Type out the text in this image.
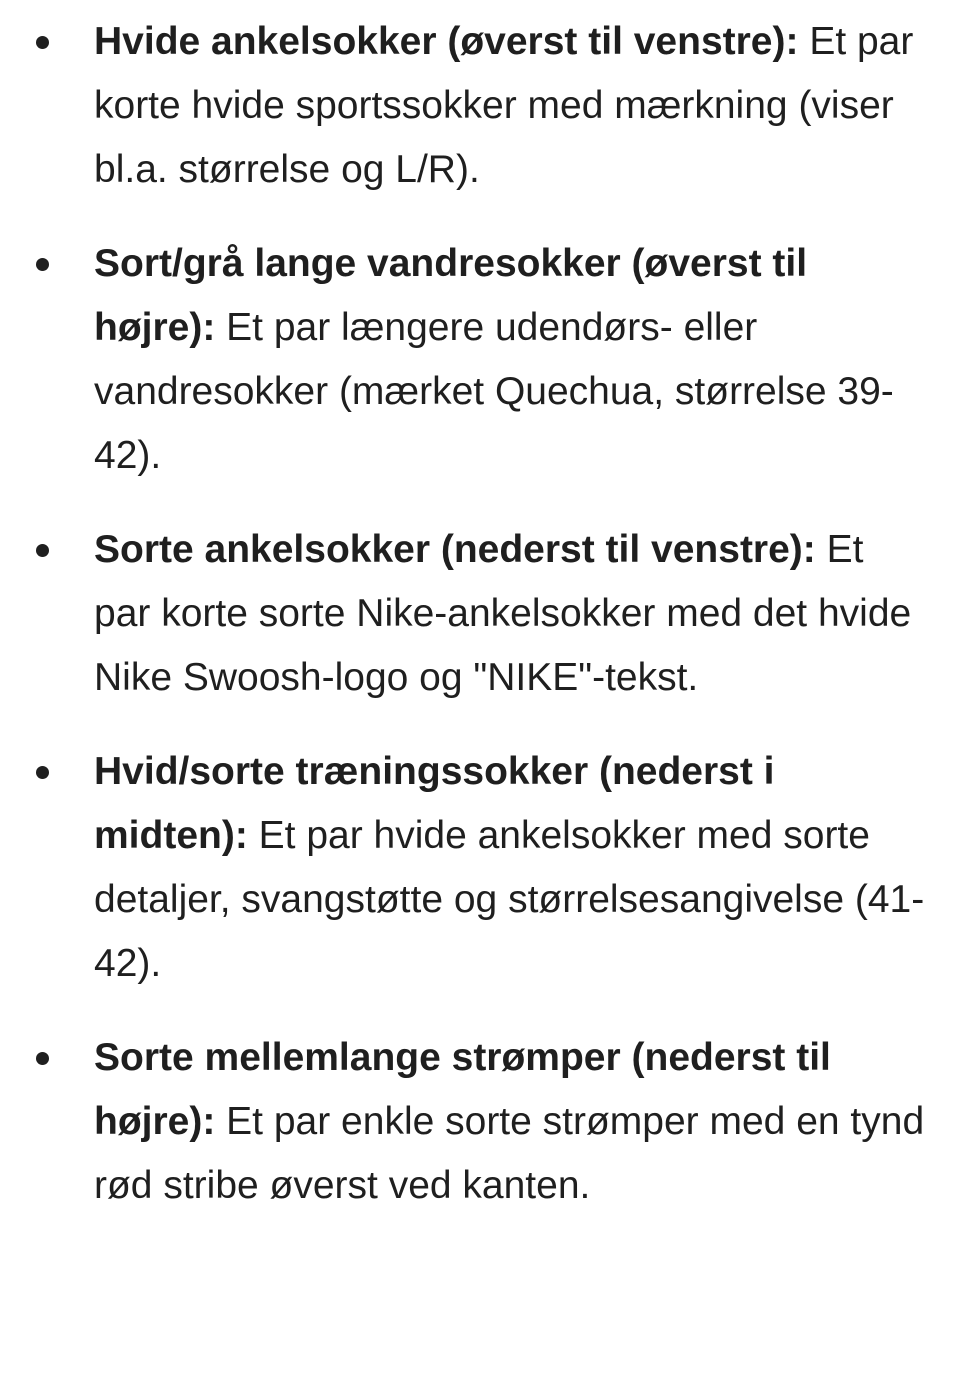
Hvide ankelsokker (øverst til venstre): Et par korte hvide sportssokker med mærkning (viser bl.a. størrelse og L/R).
Sort/grå lange vandresokker (øverst til højre): Et par længere udendørs- eller vandresokker (mærket Quechua, størrelse 39-42).
Sorte ankelsokker (nederst til venstre): Et par korte sorte Nike-ankelsokker med det hvide Nike Swoosh-logo og "NIKE"-tekst.
Hvid/sorte træningssokker (nederst i midten): Et par hvide ankelsokker med sorte detaljer, svangstøtte og størrelsesangivelse (41-42).
Sorte mellemlange strømper (nederst til højre): Et par enkle sorte strømper med en tynd rød stribe øverst ved kanten.
